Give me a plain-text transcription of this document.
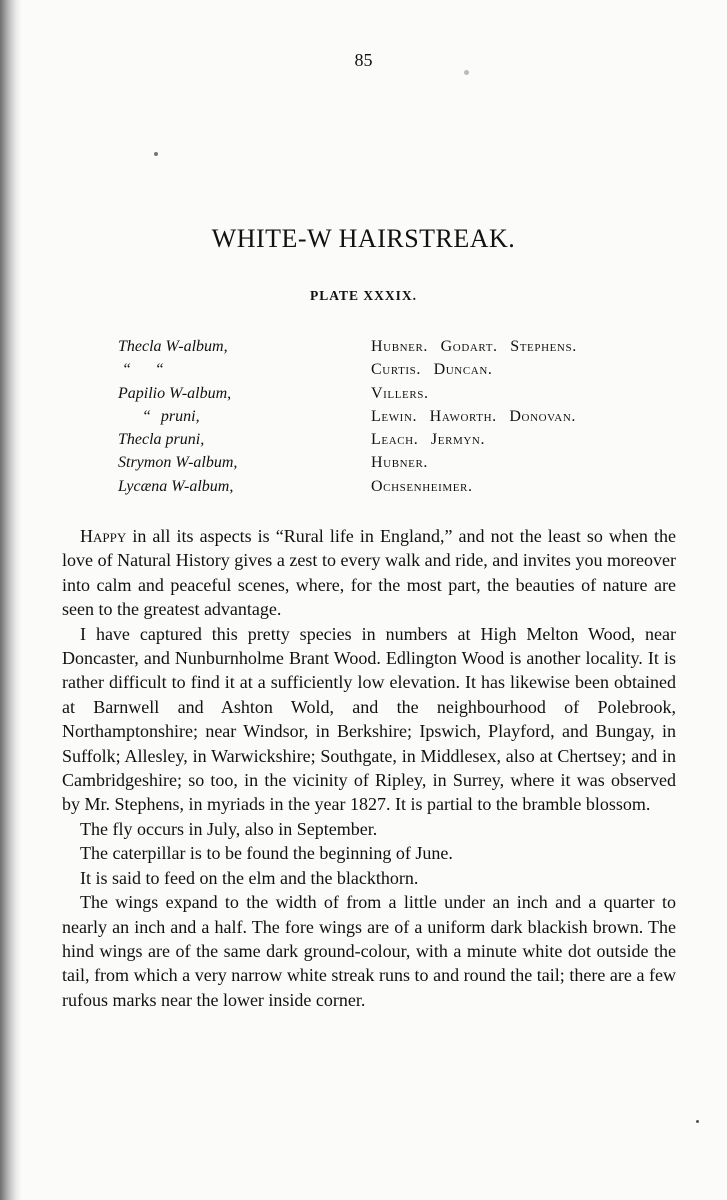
85
WHITE-W HAIRSTREAK.
PLATE XXXIX.
Thecla W-album,	Hubner. Godart. Stephens.
“ “	Curtis. Duncan.
Papilio W-album,	Villers.
“ pruni,	Lewin. Haworth. Donovan.
Thecla pruni,	Leach. Jermyn.
Strymon W-album,	Hubner.
Lycæna W-album,	Ochsenheimer.

Happy in all its aspects is “Rural life in England,” and not the least so when the love of Natural History gives a zest to every walk and ride, and invites you moreover into calm and peaceful scenes, where, for the most part, the beauties of nature are seen to the greatest advantage.

I have captured this pretty species in numbers at High Melton Wood, near Doncaster, and Nunburnholme Brant Wood. Edlington Wood is another locality. It is rather difficult to find it at a sufficiently low elevation. It has likewise been obtained at Barnwell and Ashton Wold, and the neighbourhood of Polebrook, Northamptonshire; near Windsor, in Berkshire; Ipswich, Playford, and Bungay, in Suffolk; Allesley, in Warwickshire; Southgate, in Middlesex, also at Chertsey; and in Cambridgeshire; so too, in the vicinity of Ripley, in Surrey, where it was observed by Mr. Stephens, in myriads in the year 1827. It is partial to the bramble blossom.

The fly occurs in July, also in September.

The caterpillar is to be found the beginning of June.

It is said to feed on the elm and the blackthorn.

The wings expand to the width of from a little under an inch and a quarter to nearly an inch and a half. The fore wings are of a uniform dark blackish brown. The hind wings are of the same dark ground-colour, with a minute white dot outside the tail, from which a very narrow white streak runs to and round the tail; there are a few rufous marks near the lower inside corner.
